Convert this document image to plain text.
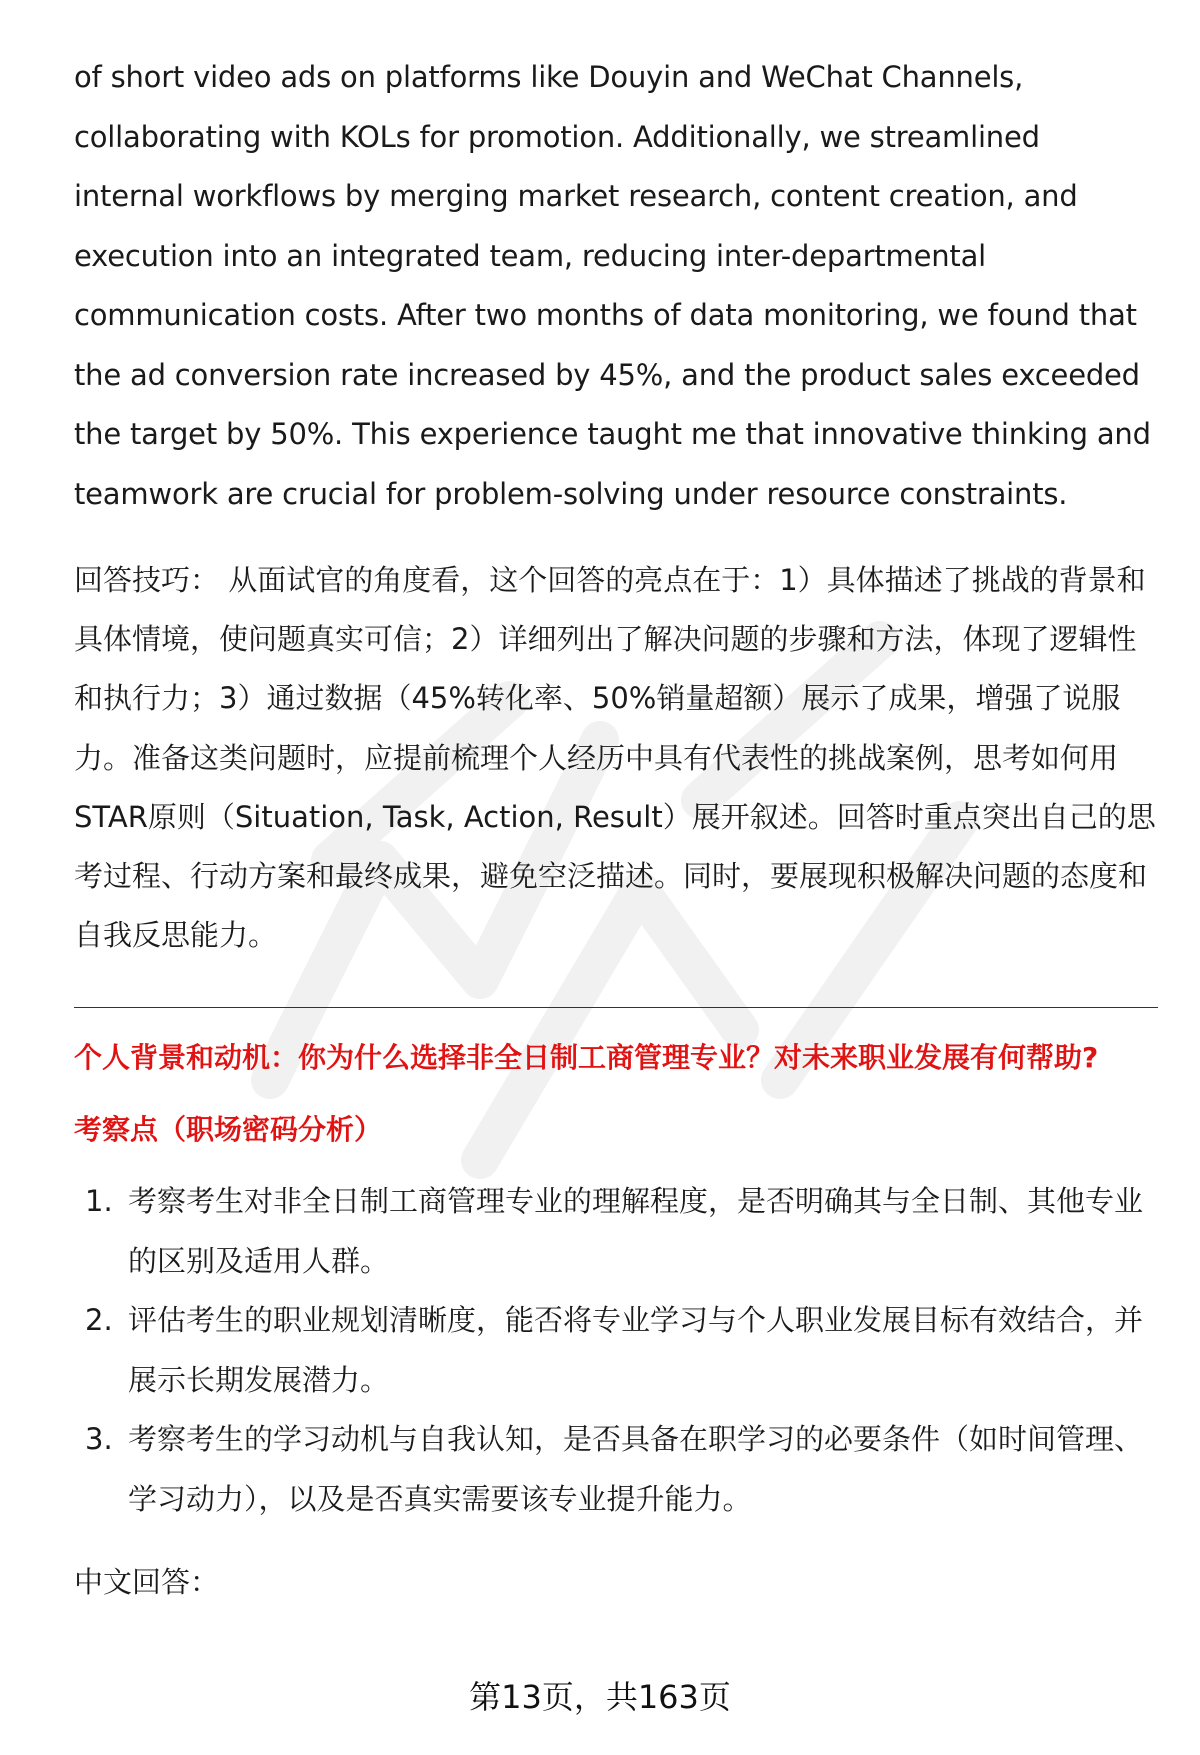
of short video ads on platforms like Douyin and WeChat Channels, collaborating with KOLs for promotion. Additionally, we streamlined internal workflows by merging market research, content creation, and execution into an integrated team, reducing inter-departmental communication costs. After two months of data monitoring, we found that the ad conversion rate increased by 45%, and the product sales exceeded the target by 50%. This experience taught me that innovative thinking and teamwork are crucial for problem-solving under resource constraints.

回答技巧： 从面试官的角度看，这个回答的亮点在于：1）具体描述了挑战的背景和具体情境，使问题真实可信；2）详细列出了解决问题的步骤和方法，体现了逻辑性和执行力；3）通过数据（45%转化率、50%销量超额）展示了成果，增强了说服力。准备这类问题时，应提前梳理个人经历中具有代表性的挑战案例，思考如何用STAR原则（Situation, Task, Action, Result）展开叙述。回答时重点突出自己的思考过程、行动方案和最终成果，避免空泛描述。同时，要展现积极解决问题的态度和自我反思能力。

个人背景和动机：你为什么选择非全日制工商管理专业？对未来职业发展有何帮助?
考察点（职场密码分析）
1. 考察考生对非全日制工商管理专业的理解程度，是否明确其与全日制、其他专业的区别及适用人群。
2. 评估考生的职业规划清晰度，能否将专业学习与个人职业发展目标有效结合，并展示长期发展潜力。
3. 考察考生的学习动机与自我认知，是否具备在职学习的必要条件（如时间管理、学习动力），以及是否真实需要该专业提升能力。

中文回答：

第13页，共163页
